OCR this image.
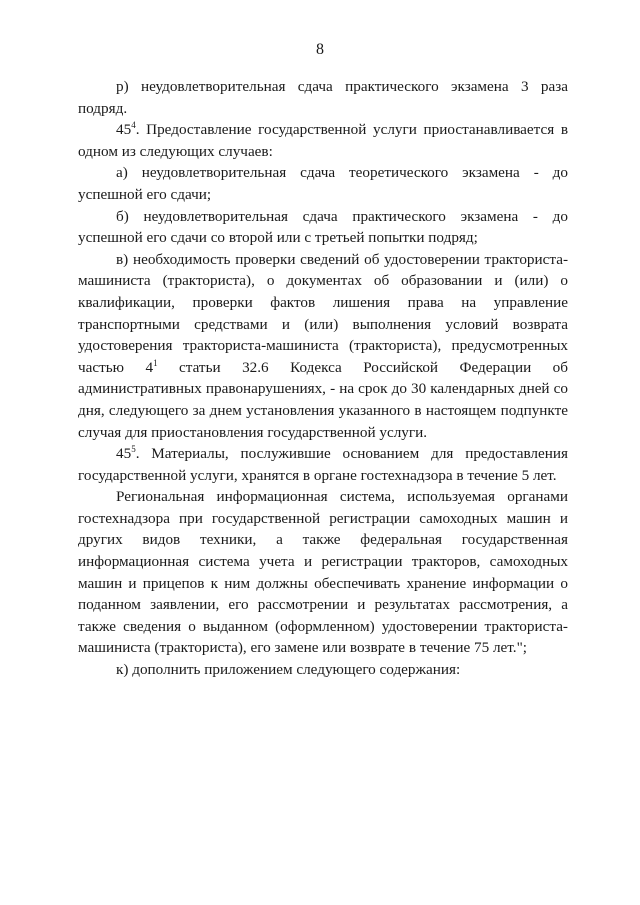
8

р) неудовлетворительная сдача практического экзамена 3 раза подряд.

$45^4$. Предоставление государственной услуги приостанавливается в одном из следующих случаев:

а) неудовлетворительная сдача теоретического экзамена - до успешной его сдачи;

б) неудовлетворительная сдача практического экзамена - до успешной его сдачи со второй или с третьей попытки подряд;

в) необходимость проверки сведений об удостоверении тракториста-машиниста (тракториста), о документах об образовании и (или) о квалификации, проверки фактов лишения права на управление транспортными средствами и (или) выполнения условий возврата удостоверения тракториста-машиниста (тракториста), предусмотренных частью $4^1$ статьи 32.6 Кодекса Российской Федерации об административных правонарушениях, - на срок до 30 календарных дней со дня, следующего за днем установления указанного в настоящем подпункте случая для приостановления государственной услуги.

$45^5$. Материалы, послужившие основанием для предоставления государственной услуги, хранятся в органе гостехнадзора в течение 5 лет.

Региональная информационная система, используемая органами гостехнадзора при государственной регистрации самоходных машин и других видов техники, а также федеральная государственная информационная система учета и регистрации тракторов, самоходных машин и прицепов к ним должны обеспечивать хранение информации о поданном заявлении, его рассмотрении и результатах рассмотрения, а также сведения о выданном (оформленном) удостоверении тракториста-машиниста (тракториста), его замене или возврате в течение 75 лет.";

к) дополнить приложением следующего содержания:
